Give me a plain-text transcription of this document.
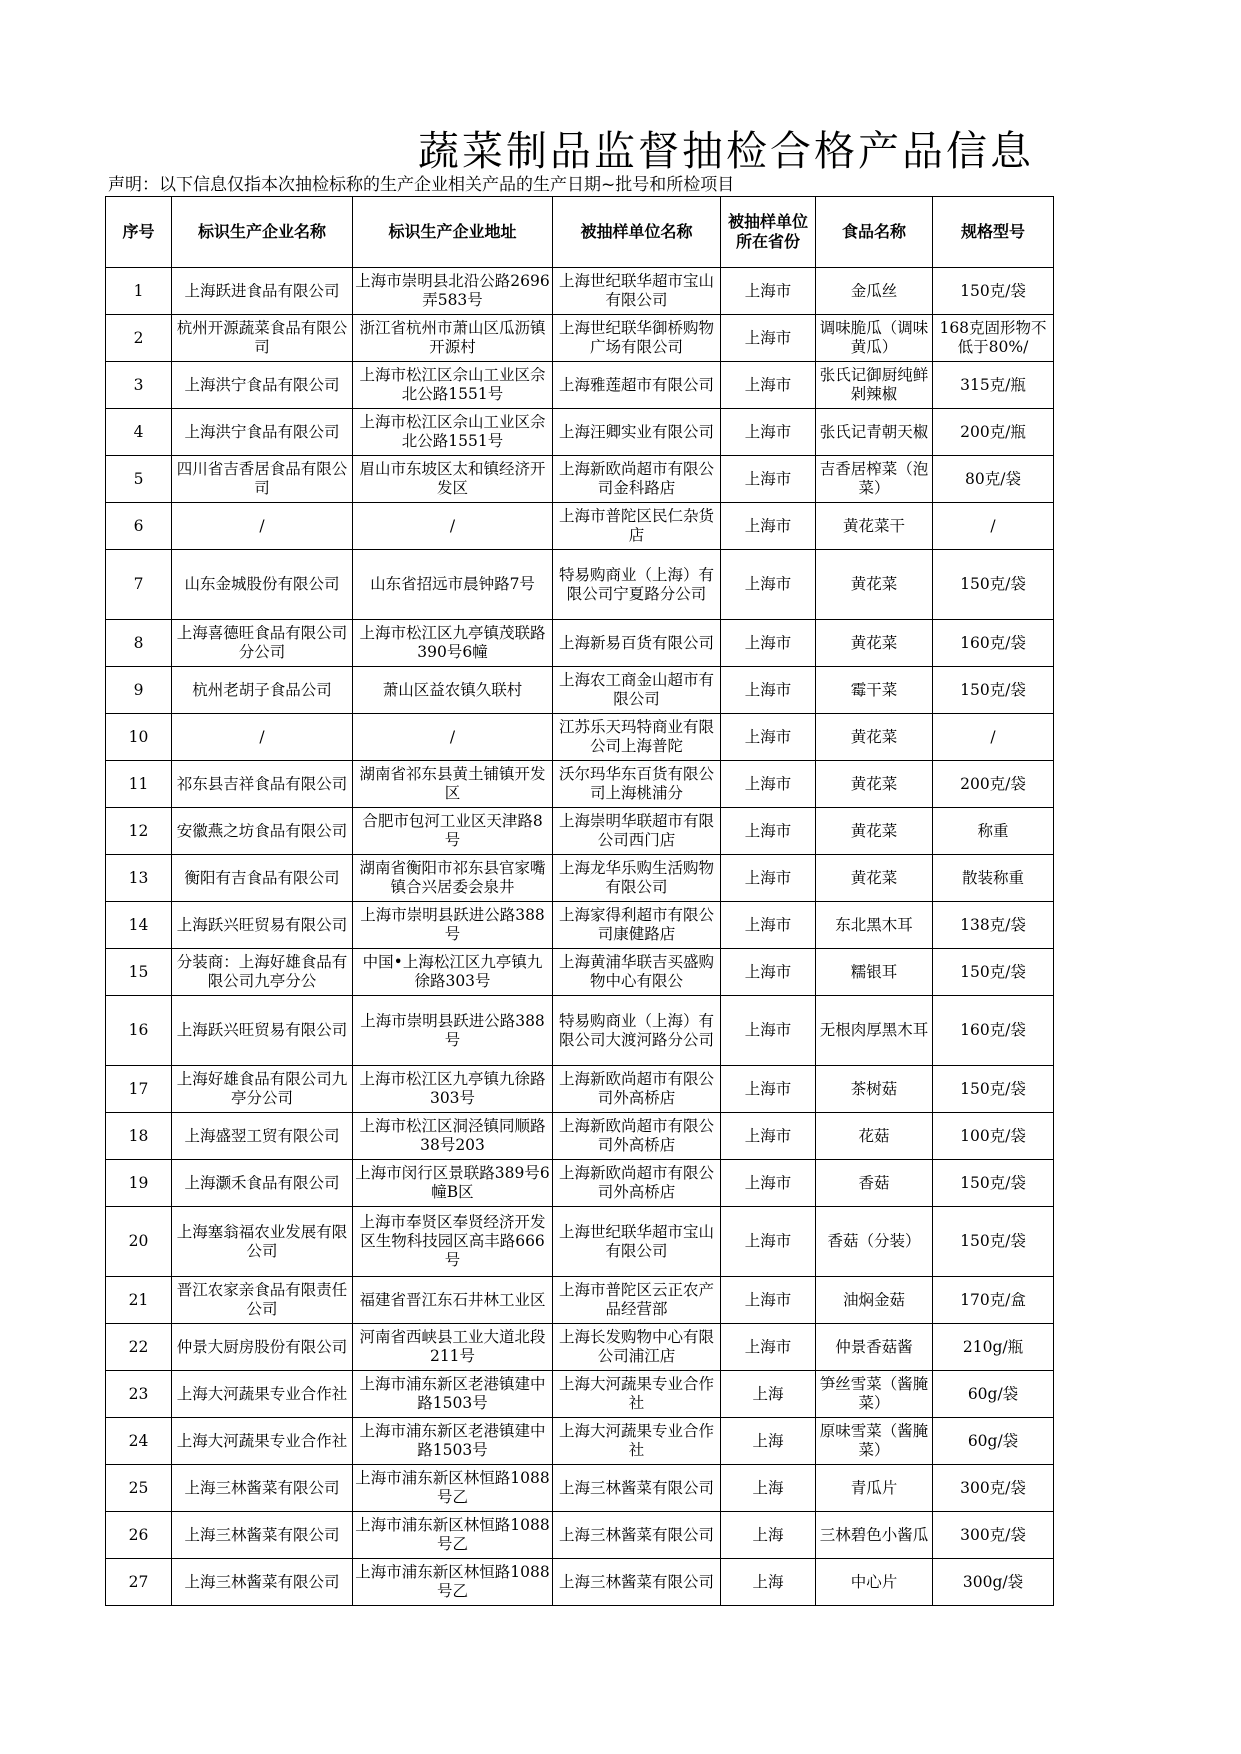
蔬菜制品监督抽检合格产品信息
声明：以下信息仅指本次抽检标称的生产企业相关产品的生产日期~批号和所检项目
序号	标识生产企业名称	标识生产企业地址	被抽样单位名称	被抽样单位所在省份	食品名称	规格型号
1	上海跃进食品有限公司	上海市崇明县北沿公路2696弄583号	上海世纪联华超市宝山有限公司	上海市	金瓜丝	150克/袋

2	杭州开源蔬菜食品有限公司	浙江省杭州市萧山区瓜沥镇开源村	上海世纪联华御桥购物广场有限公司	上海市	调味脆瓜（调味黄瓜）	168克固形物不低于80%/

3	上海洪宁食品有限公司	上海市松江区佘山工业区佘北公路1551号	上海雅莲超市有限公司	上海市	张氏记御厨纯鲜剁辣椒	315克/瓶

4	上海洪宁食品有限公司	上海市松江区佘山工业区佘北公路1551号	上海汪卿实业有限公司	上海市	张氏记青朝天椒	200克/瓶

5	四川省吉香居食品有限公司	眉山市东坡区太和镇经济开发区	上海新欧尚超市有限公司金科路店	上海市	吉香居榨菜（泡菜）	80克/袋

6	/	/	上海市普陀区民仁杂货店	上海市	黄花菜干	/

7	山东金城股份有限公司	山东省招远市晨钟路7号	特易购商业（上海）有限公司宁夏路分公司	上海市	黄花菜	150克/袋

8	上海喜德旺食品有限公司分公司	上海市松江区九亭镇茂联路390号6幢	上海新易百货有限公司	上海市	黄花菜	160克/袋

9	杭州老胡子食品公司	萧山区益农镇久联村	上海农工商金山超市有限公司	上海市	霉干菜	150克/袋

10	/	/	江苏乐天玛特商业有限公司上海普陀	上海市	黄花菜	/

11	祁东县吉祥食品有限公司	湖南省祁东县黄土铺镇开发区	沃尔玛华东百货有限公司上海桃浦分	上海市	黄花菜	200克/袋

12	安徽燕之坊食品有限公司	合肥市包河工业区天津路8号	上海崇明华联超市有限公司西门店	上海市	黄花菜	称重

13	衡阳有吉食品有限公司	湖南省衡阳市祁东县官家嘴镇合兴居委会泉井	上海龙华乐购生活购物有限公司	上海市	黄花菜	散装称重

14	上海跃兴旺贸易有限公司	上海市崇明县跃进公路388号	上海家得利超市有限公司康健路店	上海市	东北黑木耳	138克/袋

15	分装商：上海好雄食品有限公司九亭分公	中国•上海松江区九亭镇九徐路303号	上海黄浦华联吉买盛购物中心有限公	上海市	糯银耳	150克/袋

16	上海跃兴旺贸易有限公司	上海市崇明县跃进公路388号	特易购商业（上海）有限公司大渡河路分公司	上海市	无根肉厚黑木耳	160克/袋

17	上海好雄食品有限公司九亭分公司	上海市松江区九亭镇九徐路303号	上海新欧尚超市有限公司外高桥店	上海市	茶树菇	150克/袋

18	上海盛翌工贸有限公司	上海市松江区洞泾镇同顺路38号203	上海新欧尚超市有限公司外高桥店	上海市	花菇	100克/袋

19	上海灏禾食品有限公司	上海市闵行区景联路389号6幢B区	上海新欧尚超市有限公司外高桥店	上海市	香菇	150克/袋

20	上海塞翁福农业发展有限公司	上海市奉贤区奉贤经济开发区生物科技园区高丰路666号	上海世纪联华超市宝山有限公司	上海市	香菇（分装）	150克/袋

21	晋江农家亲食品有限责任公司	福建省晋江东石井林工业区	上海市普陀区云正农产品经营部	上海市	油焖金菇	170克/盒

22	仲景大厨房股份有限公司	河南省西峡县工业大道北段211号	上海长发购物中心有限公司浦江店	上海市	仲景香菇酱	210g/瓶

23	上海大河蔬果专业合作社	上海市浦东新区老港镇建中路1503号	上海大河蔬果专业合作社	上海	笋丝雪菜（酱腌菜）	60g/袋

24	上海大河蔬果专业合作社	上海市浦东新区老港镇建中路1503号	上海大河蔬果专业合作社	上海	原味雪菜（酱腌菜）	60g/袋

25	上海三林酱菜有限公司	上海市浦东新区林恒路1088号乙	上海三林酱菜有限公司	上海	青瓜片	300克/袋

26	上海三林酱菜有限公司	上海市浦东新区林恒路1088号乙	上海三林酱菜有限公司	上海	三林碧色小酱瓜	300克/袋

27	上海三林酱菜有限公司	上海市浦东新区林恒路1088号乙	上海三林酱菜有限公司	上海	中心片	300g/袋
